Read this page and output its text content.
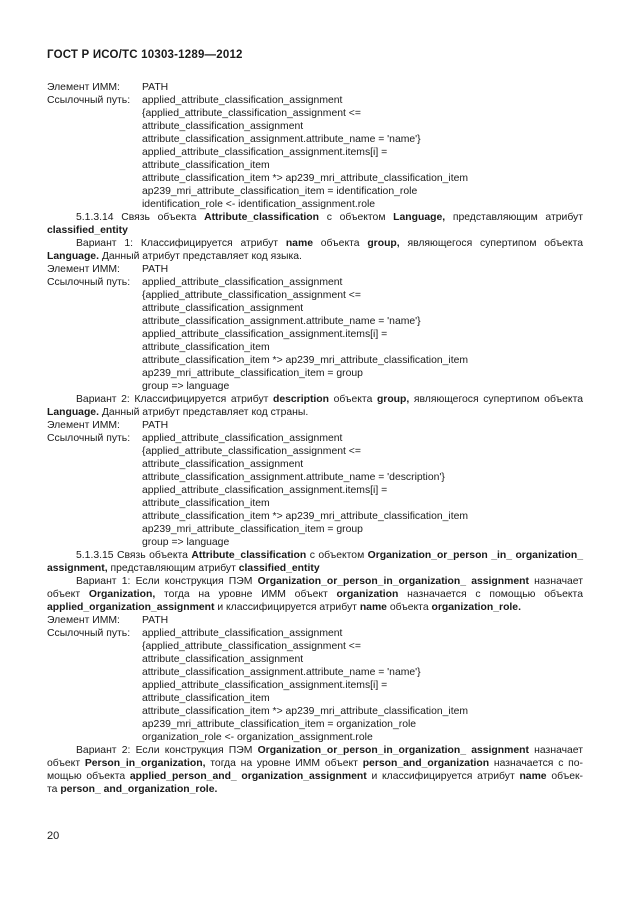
ГОСТ Р ИСО/ТС 10303-1289—2012
Элемент ИММ: PATH
Ссылочный путь: applied_attribute_classification_assignment
{applied_attribute_classification_assignment <=
attribute_classification_assignment
attribute_classification_assignment.attribute_name = 'name'}
applied_attribute_classification_assignment.items[i] =
attribute_classification_item
attribute_classification_item *> ap239_mri_attribute_classification_item
ap239_mri_attribute_classification_item = identification_role
identification_role <- identification_assignment.role
5.1.3.14 Связь объекта Attribute_classification с объектом Language, представляющим атрибут
classified_entity
Вариант 1: Классифицируется атрибут name объекта group, являющегося супертипом объекта
Language. Данный атрибут представляет код языка.
Элемент ИММ: PATH
Ссылочный путь: applied_attribute_classification_assignment
{applied_attribute_classification_assignment <=
attribute_classification_assignment
attribute_classification_assignment.attribute_name = 'name'}
applied_attribute_classification_assignment.items[i] =
attribute_classification_item
attribute_classification_item *> ap239_mri_attribute_classification_item
ap239_mri_attribute_classification_item = group
group => language
Вариант 2: Классифицируется атрибут description объекта group, являющегося супертипом объекта
Language. Данный атрибут представляет код страны.
Элемент ИММ: PATH
Ссылочный путь: applied_attribute_classification_assignment
{applied_attribute_classification_assignment <=
attribute_classification_assignment
attribute_classification_assignment.attribute_name = 'description'}
applied_attribute_classification_assignment.items[i] =
attribute_classification_item
attribute_classification_item *> ap239_mri_attribute_classification_item
ap239_mri_attribute_classification_item = group
group => language
5.1.3.15 Связь объекта Attribute_classification с объектом Organization_or_person _in_ organization_
assignment, представляющим атрибут classified_entity
Вариант 1: Если конструкция ПЭМ Organization_or_person_in_organization_ assignment назначает
объект Organization, тогда на уровне ИММ объект organization назначается с помощью объекта
applied_organization_assignment и классифицируется атрибут name объекта organization_role.
Элемент ИММ: PATH
Ссылочный путь: applied_attribute_classification_assignment
{applied_attribute_classification_assignment <=
attribute_classification_assignment
attribute_classification_assignment.attribute_name = 'name'}
applied_attribute_classification_assignment.items[i] =
attribute_classification_item
attribute_classification_item *> ap239_mri_attribute_classification_item
ap239_mri_attribute_classification_item = organization_role
organization_role <- organization_assignment.role
Вариант 2: Если конструкция ПЭМ Organization_or_person_in_organization_ assignment назначает
объект Person_in_organization, тогда на уровне ИММ объект person_and_organization назначается с по-
мощью объекта applied_person_and_ organization_assignment и классифицируется атрибут name объек-
та person_ and_organization_role.
20
